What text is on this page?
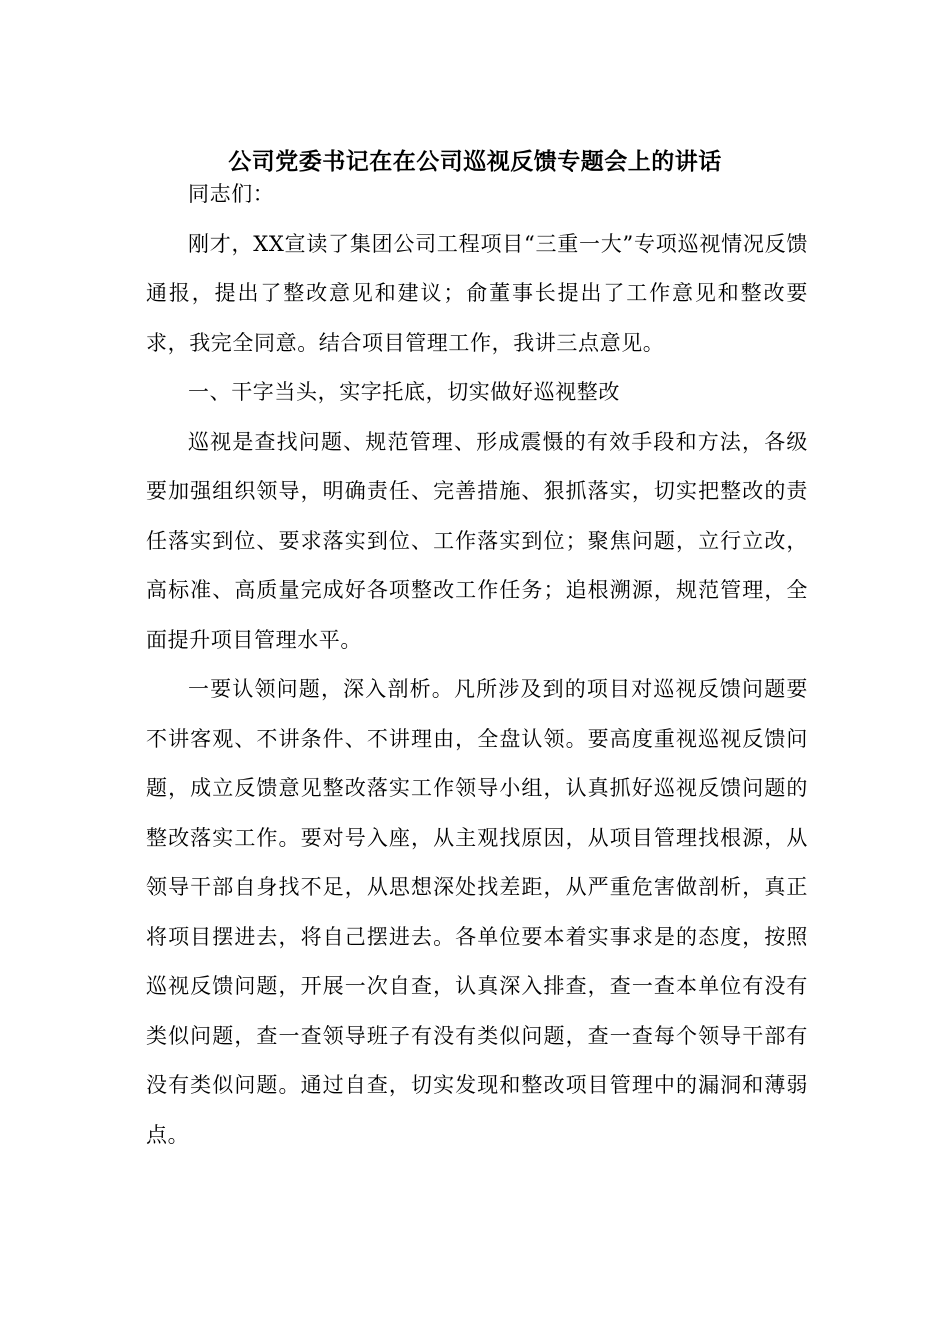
公司党委书记在在公司巡视反馈专题会上的讲话

同志们：

刚才，XX宣读了集团公司工程项目“三重一大”专项巡视情况反馈通报，提出了整改意见和建议；俞董事长提出了工作意见和整改要求，我完全同意。结合项目管理工作，我讲三点意见。

一、干字当头，实字托底，切实做好巡视整改

巡视是查找问题、规范管理、形成震慑的有效手段和方法，各级要加强组织领导，明确责任、完善措施、狠抓落实，切实把整改的责任落实到位、要求落实到位、工作落实到位；聚焦问题，立行立改，高标准、高质量完成好各项整改工作任务；追根溯源，规范管理，全面提升项目管理水平。

一要认领问题，深入剖析。凡所涉及到的项目对巡视反馈问题要不讲客观、不讲条件、不讲理由，全盘认领。要高度重视巡视反馈问题，成立反馈意见整改落实工作领导小组，认真抓好巡视反馈问题的整改落实工作。要对号入座，从主观找原因，从项目管理找根源，从领导干部自身找不足，从思想深处找差距，从严重危害做剖析，真正将项目摆进去，将自己摆进去。各单位要本着实事求是的态度，按照巡视反馈问题，开展一次自查，认真深入排查，查一查本单位有没有类似问题，查一查领导班子有没有类似问题，查一查每个领导干部有没有类似问题。通过自查，切实发现和整改项目管理中的漏洞和薄弱点。
